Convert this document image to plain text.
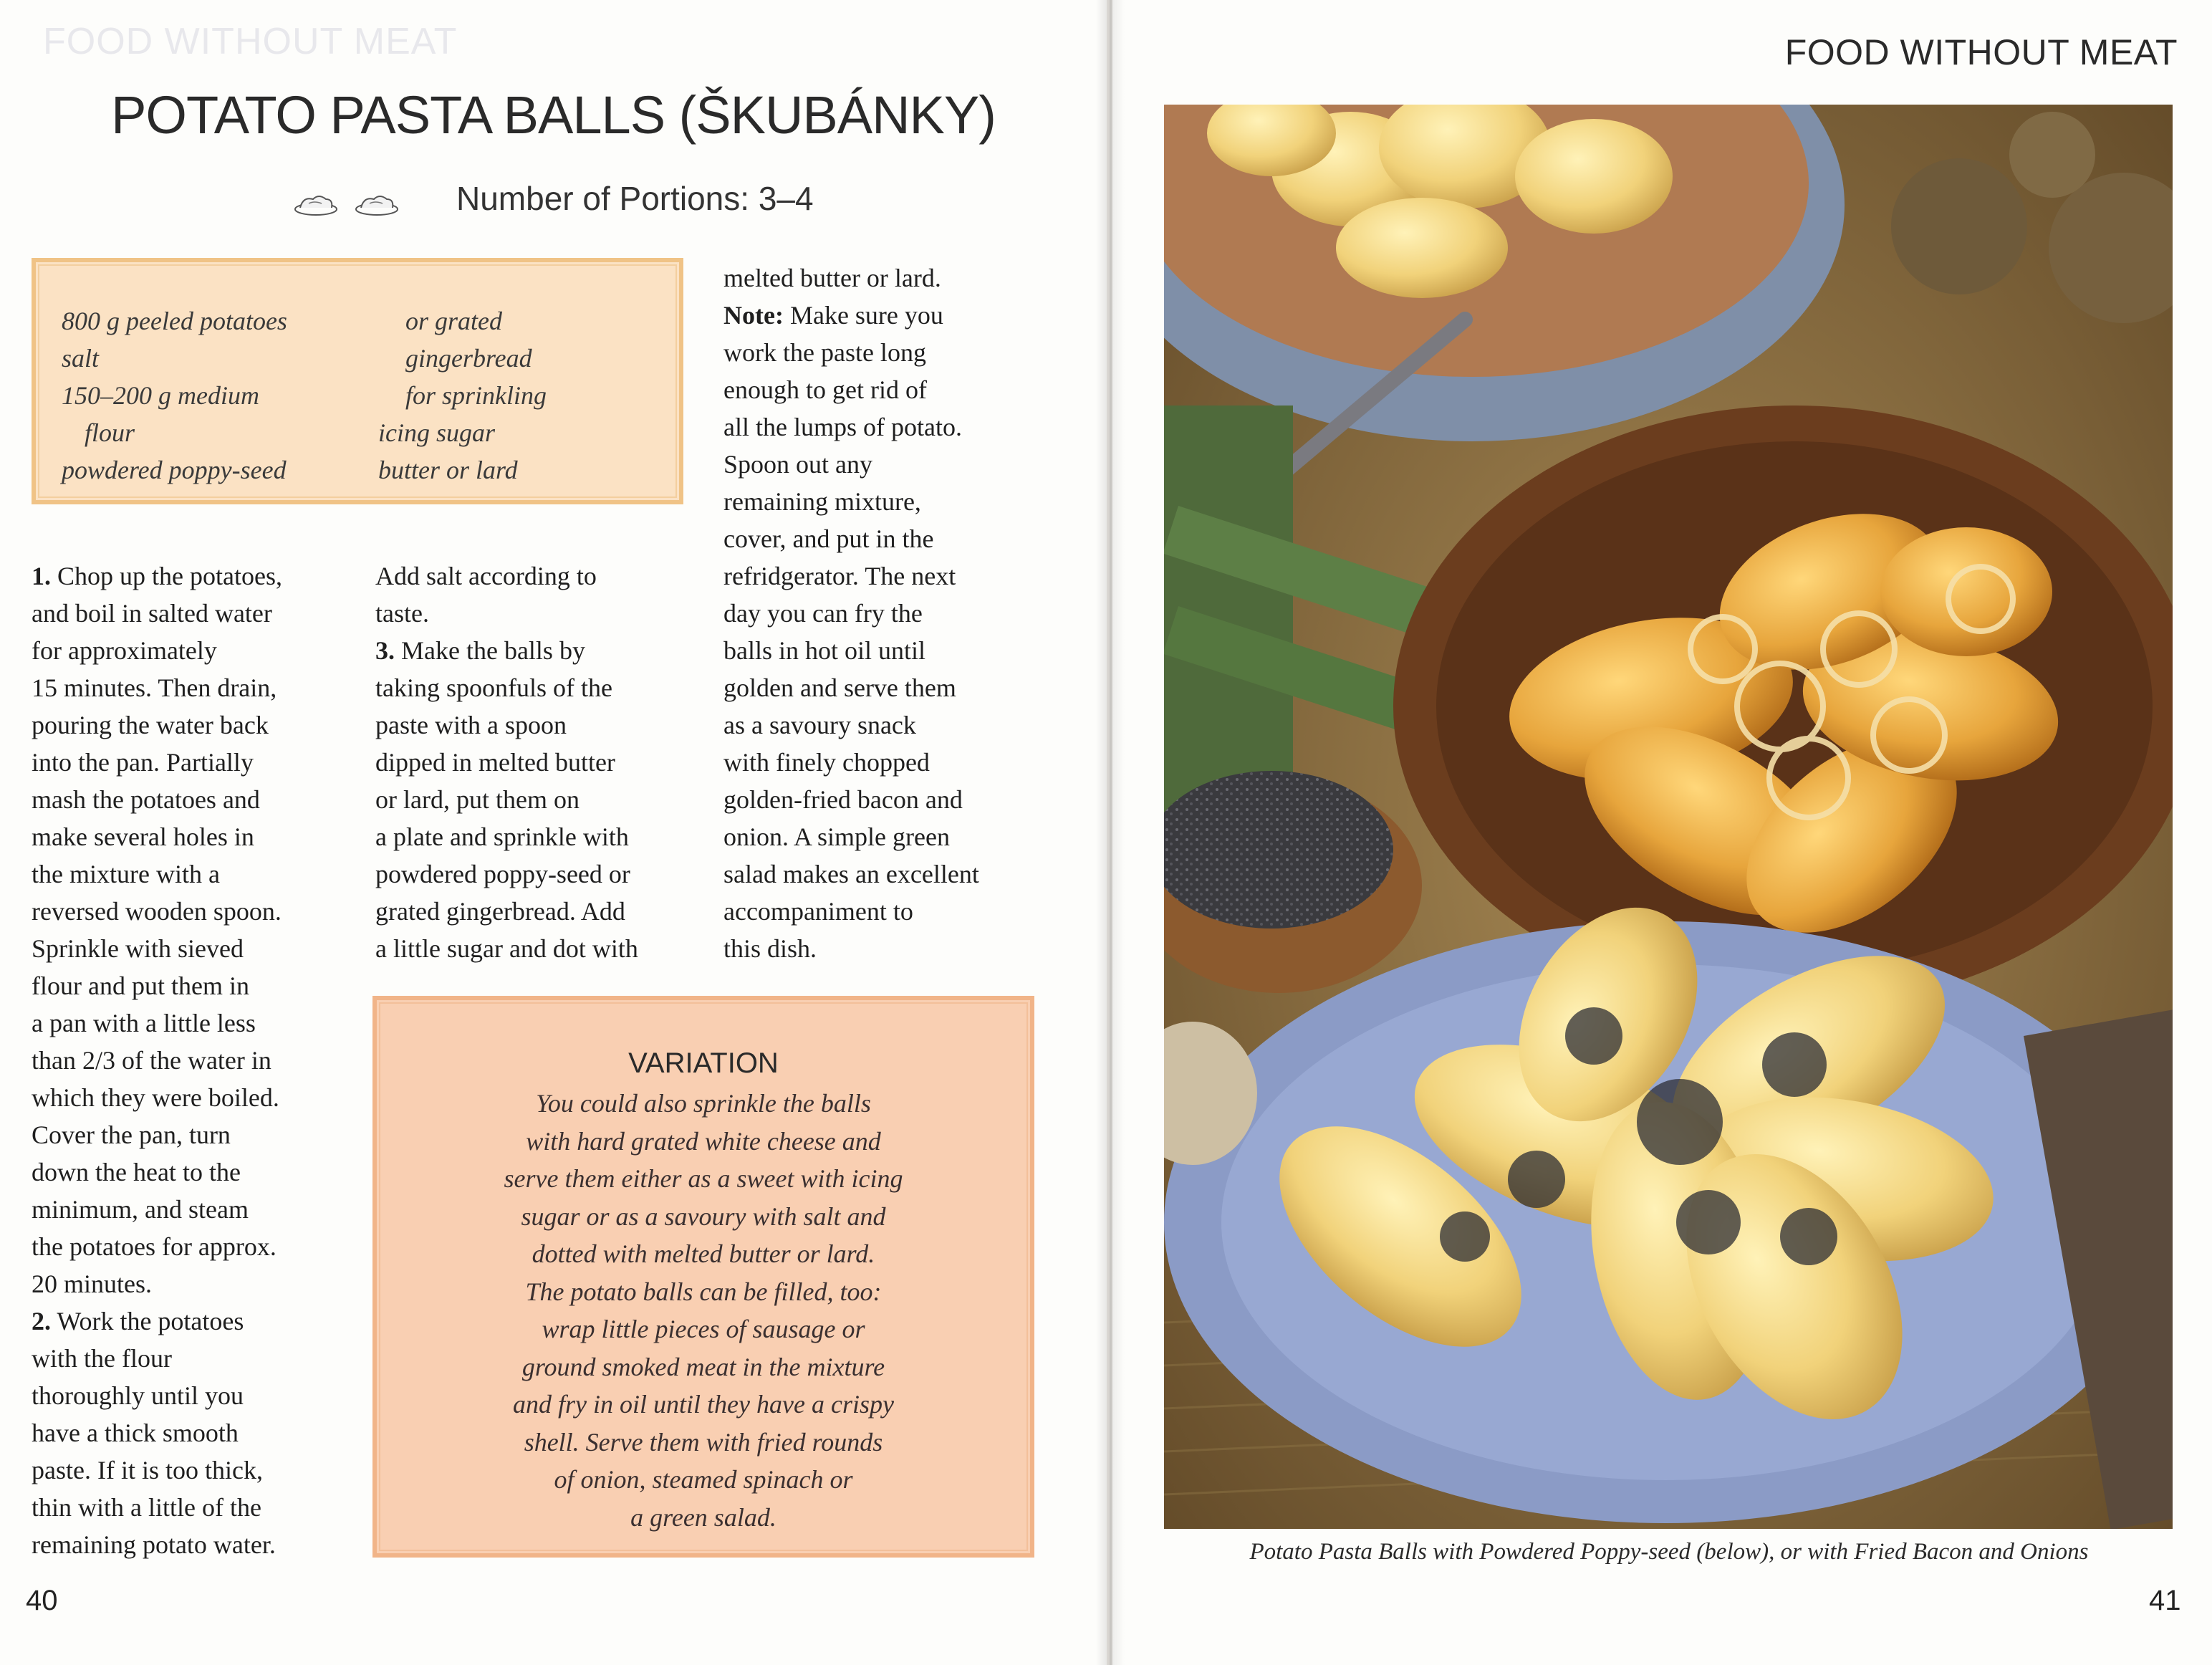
FOOD WITHOUT MEAT
POTATO PASTA BALLS (ŠKUBÁNKY)
Number of Portions: 3–4
800 g peeled potatoes
salt
150–200 g medium
flour
powdered poppy-seed
or grated
gingerbread
for sprinkling
icing sugar
butter or lard
1. Chop up the potatoes,
and boil in salted water
for approximately
15 minutes. Then drain,
pouring the water back
into the pan. Partially
mash the potatoes and
make several holes in
the mixture with a
reversed wooden spoon.
Sprinkle with sieved
flour and put them in
a pan with a little less
than 2/3 of the water in
which they were boiled.
Cover the pan, turn
down the heat to the
minimum, and steam
the potatoes for approx.
20 minutes.
2. Work the potatoes
with the flour
thoroughly until you
have a thick smooth
paste. If it is too thick,
thin with a little of the
remaining potato water.
Add salt according to
taste.
3. Make the balls by
taking spoonfuls of the
paste with a spoon
dipped in melted butter
or lard, put them on
a plate and sprinkle with
powdered poppy-seed or
grated gingerbread. Add
a little sugar and dot with
melted butter or lard.
Note: Make sure you
work the paste long
enough to get rid of
all the lumps of potato.
Spoon out any
remaining mixture,
cover, and put in the
refridgerator. The next
day you can fry the
balls in hot oil until
golden and serve them
as a savoury snack
with finely chopped
golden-fried bacon and
onion. A simple green
salad makes an excellent
accompaniment to
this dish.
VARIATION
You could also sprinkle the balls
with hard grated white cheese and
serve them either as a sweet with icing
sugar or as a savoury with salt and
dotted with melted butter or lard.
The potato balls can be filled, too:
wrap little pieces of sausage or
ground smoked meat in the mixture
and fry in oil until they have a crispy
shell. Serve them with fried rounds
of onion, steamed spinach or
a green salad.
40
FOOD WITHOUT MEAT
Potato Pasta Balls with Powdered Poppy-seed (below), or with Fried Bacon and Onions
41
